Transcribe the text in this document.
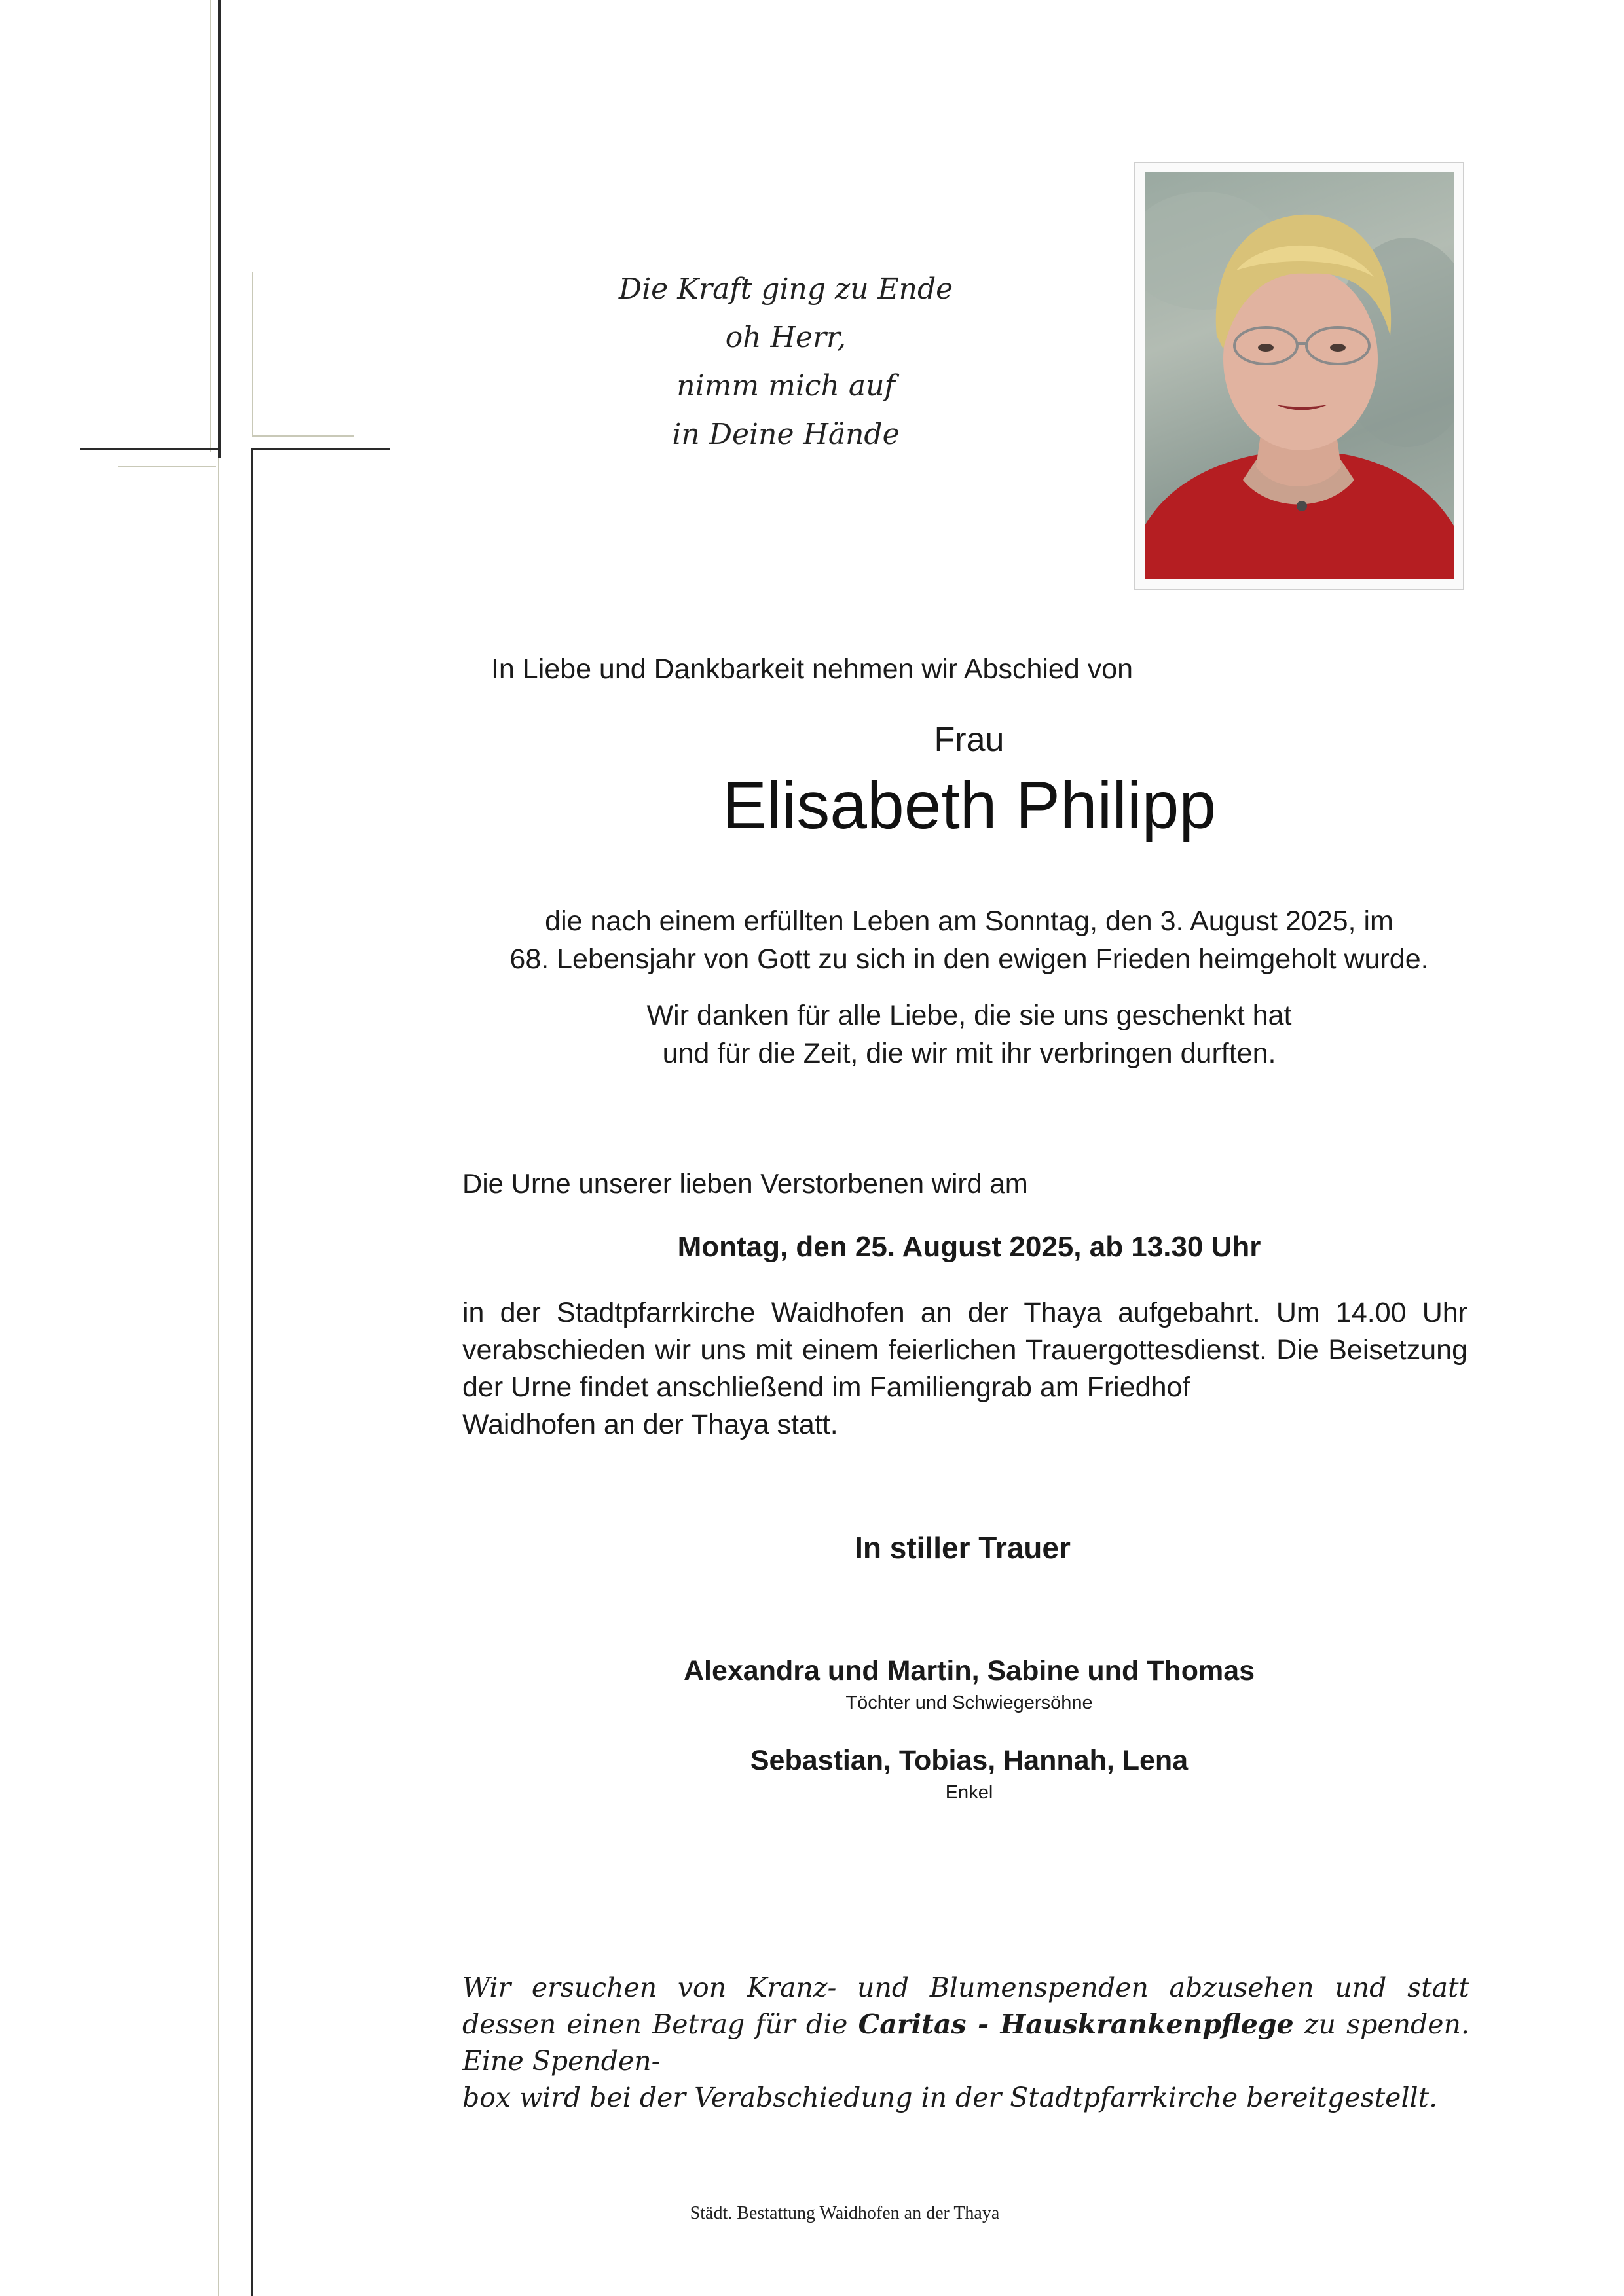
Die Kraft ging zu Ende
oh Herr,
nimm mich auf
in Deine Hände
In Liebe und Dankbarkeit nehmen wir Abschied von
Frau
Elisabeth Philipp
die nach einem erfüllten Leben am Sonntag, den 3. August 2025, im
68. Lebensjahr von Gott zu sich in den ewigen Frieden heimgeholt wurde.
Wir danken für alle Liebe, die sie uns geschenkt hat
und für die Zeit, die wir mit ihr verbringen durften.
Die Urne unserer lieben Verstorbenen wird am
Montag, den 25. August 2025, ab 13.30 Uhr
in der Stadtpfarrkirche Waidhofen an der Thaya aufgebahrt. Um 14.00 Uhr verabschieden wir uns mit einem feierlichen Trauergottesdienst. Die Beisetzung der Urne findet anschließend im Familiengrab am Friedhof
Waidhofen an der Thaya statt.
In stiller Trauer
Alexandra und Martin, Sabine und Thomas
Töchter und Schwiegersöhne
Sebastian, Tobias, Hannah, Lena
Enkel
Wir ersuchen von Kranz- und Blumenspenden abzusehen und statt dessen einen Betrag für die Caritas - Hauskrankenpflege zu spenden. Eine Spenden-
box wird bei der Verabschiedung in der Stadtpfarrkirche bereitgestellt.
Städt. Bestattung Waidhofen an der Thaya
